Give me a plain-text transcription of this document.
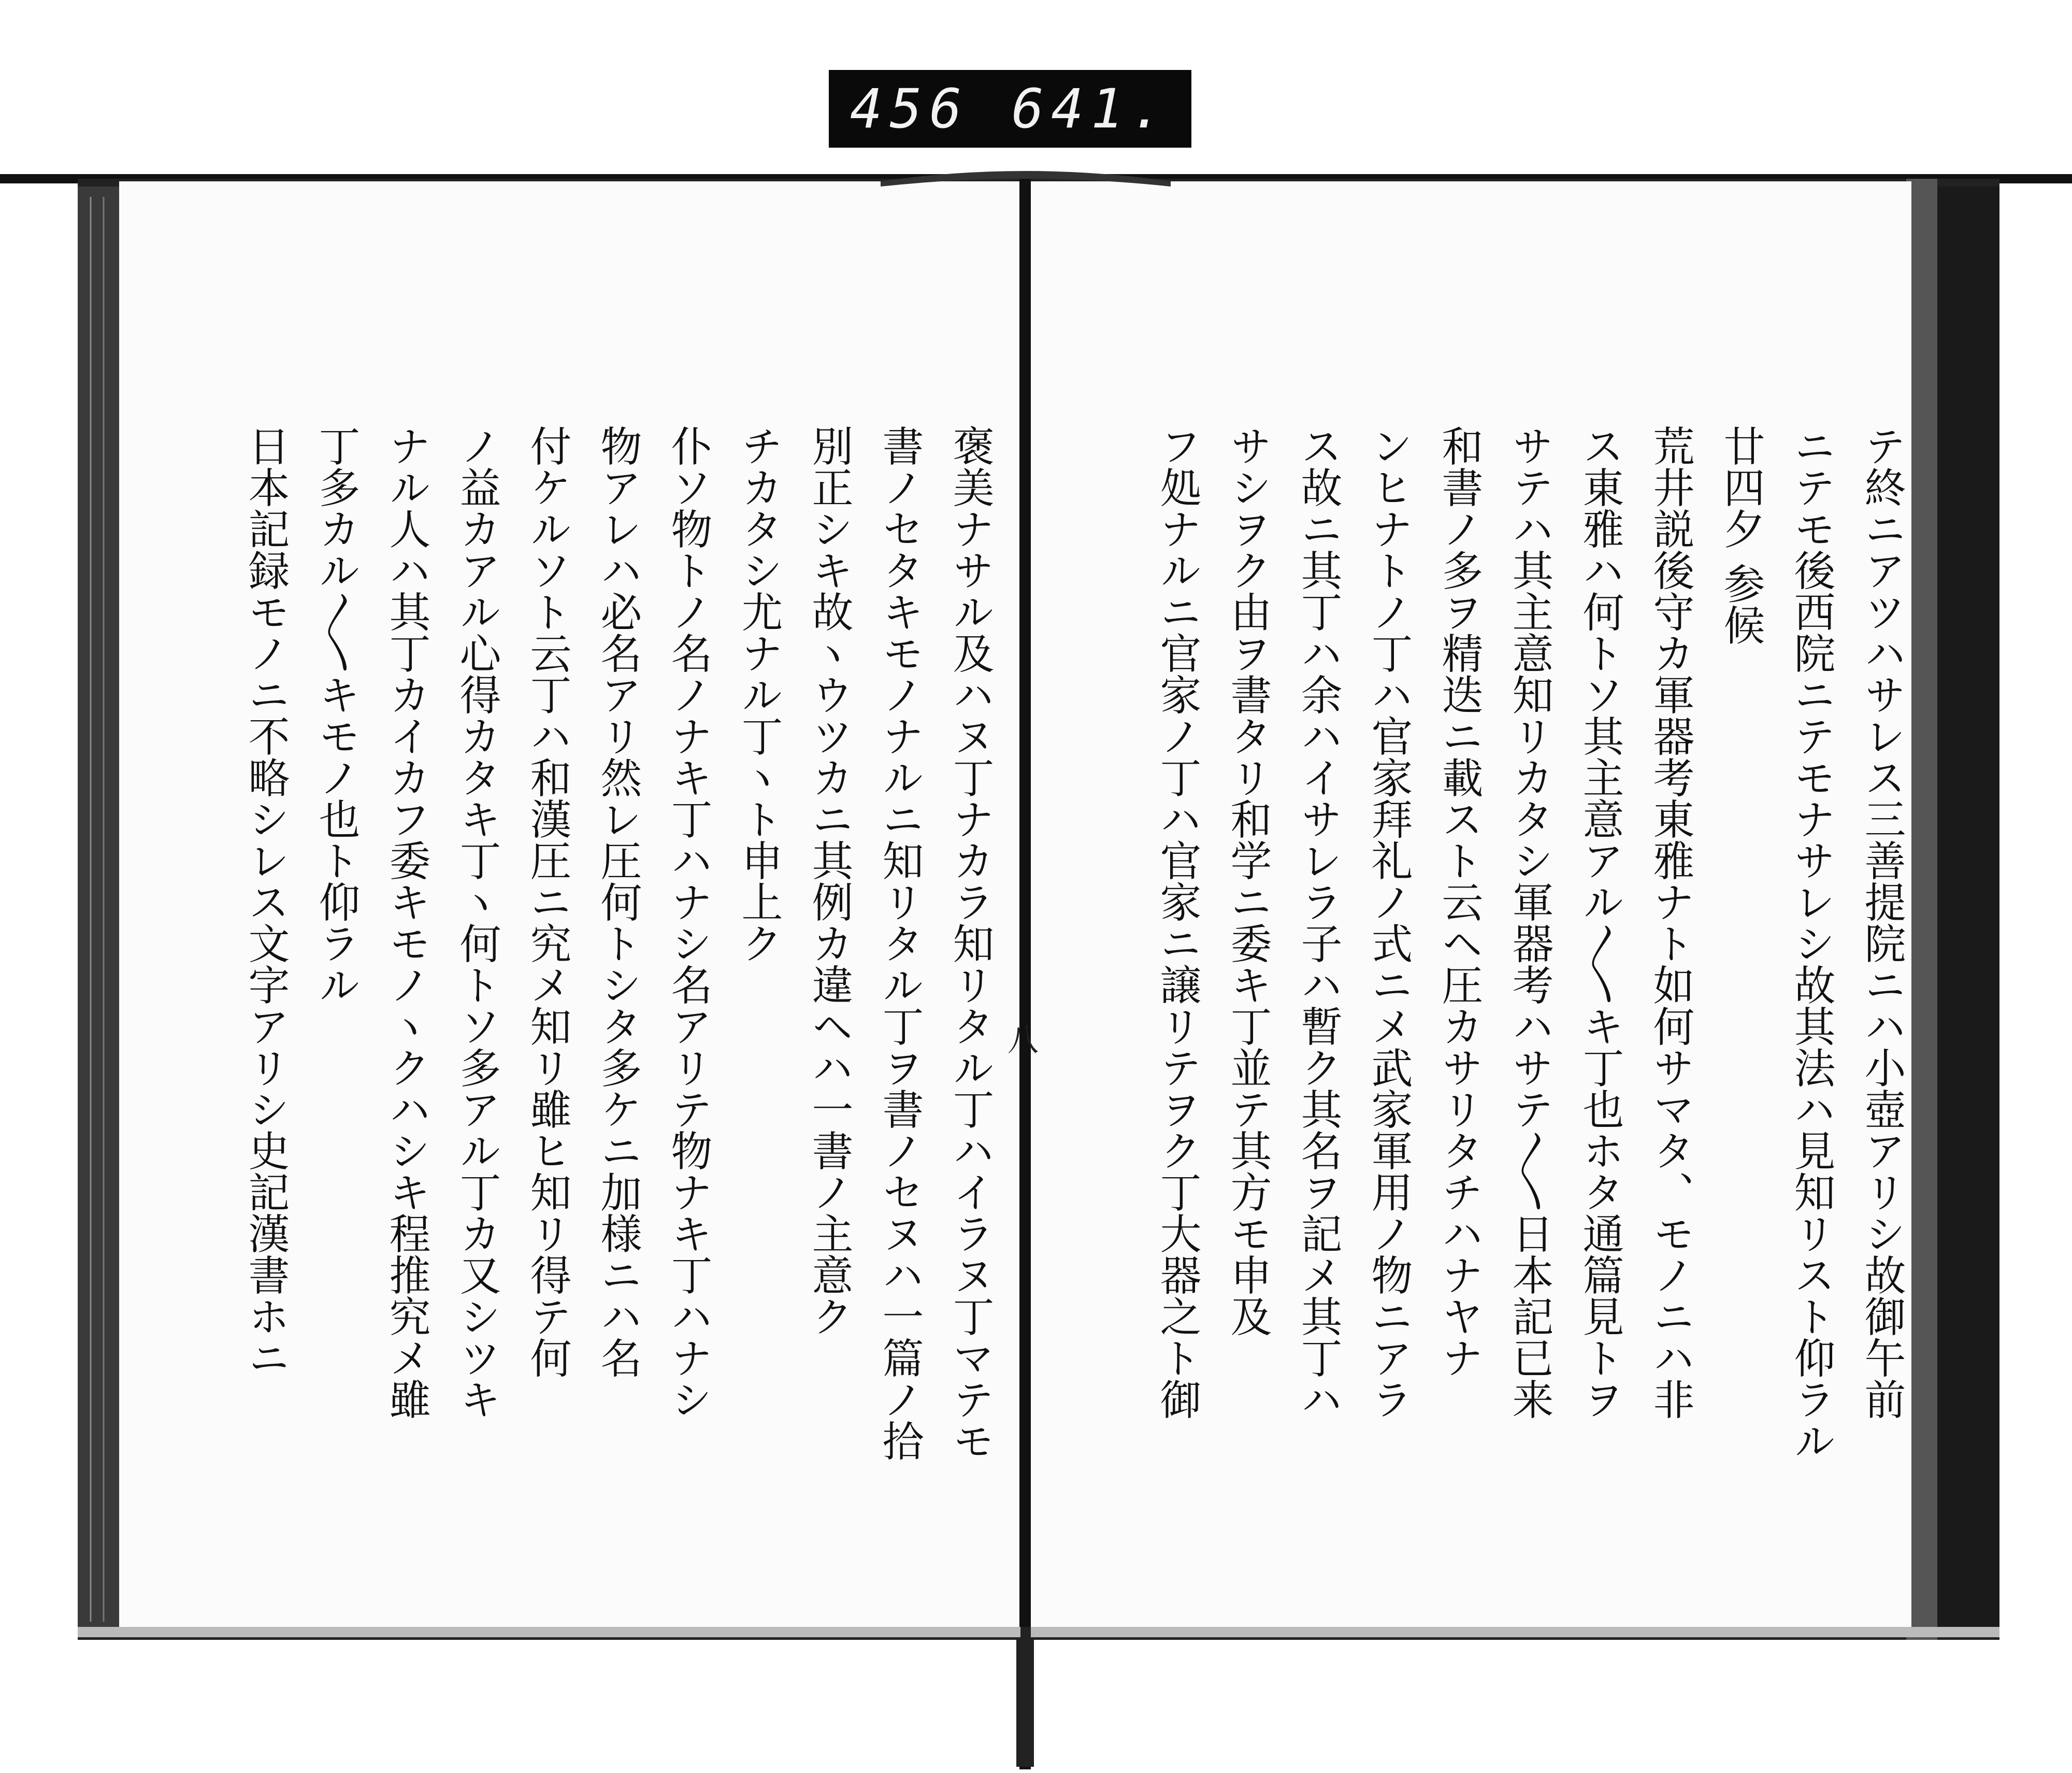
456 641.
テ終ニアツハサレス三善提院ニハ小壺アリシ故御午前
ニテモ後西院ニテモナサレシ故其法ハ見知リスト仰ラル
廿四夕 参候
荒井説後守カ軍器考東雅ナト如何サマタ、モノニハ非
ス東雅ハ何トソ其主意アル〳〵キ丁也ホタ通篇見トヲ
サテハ其主意知リカタシ軍器考ハサテ〳〵日本記已来
和書ノ多ヲ精迭ニ載スト云ヘ圧カサリタチハナヤナ
ンヒナトノ丁ハ官家拜礼ノ式ニメ武家軍用ノ物ニアラ
ス故ニ其丁ハ余ハイサレラ子ハ暫ク其名ヲ記メ其丁ハ
サシヲク由ヲ書タリ和学ニ委キ丁並テ其方モ申及
フ処ナルニ官家ノ丁ハ官家ニ譲リテヲク丁大器之ト御
八
褒美ナサル及ハヌ丁ナカラ知リタル丁ハイラヌ丁マテモ
書ノセタキモノナルニ知リタル丁ヲ書ノセヌハ一篇ノ拾
別正シキ故ヽウツカニ其例カ違ヘハ一書ノ主意ク
チカタシ尤ナル丁ヽト申上ク
仆ソ物トノ名ノナキ丁ハナシ名アリテ物ナキ丁ハナシ
物アレハ必名アリ然レ圧何トシタ多ケニ加様ニハ名
付ケルソト云丁ハ和漢圧ニ究メ知リ雖ヒ知リ得テ何
ノ益カアル心得カタキ丁ヽ何トソ多アル丁カ又シツキ
ナル人ハ其丁カイカフ委キモノヽクハシキ程推究メ雖
丁多カル〳〵キモノ也ト仰ラル
日本記録モノニ不略シレス文字アリシ史記漢書ホニ
